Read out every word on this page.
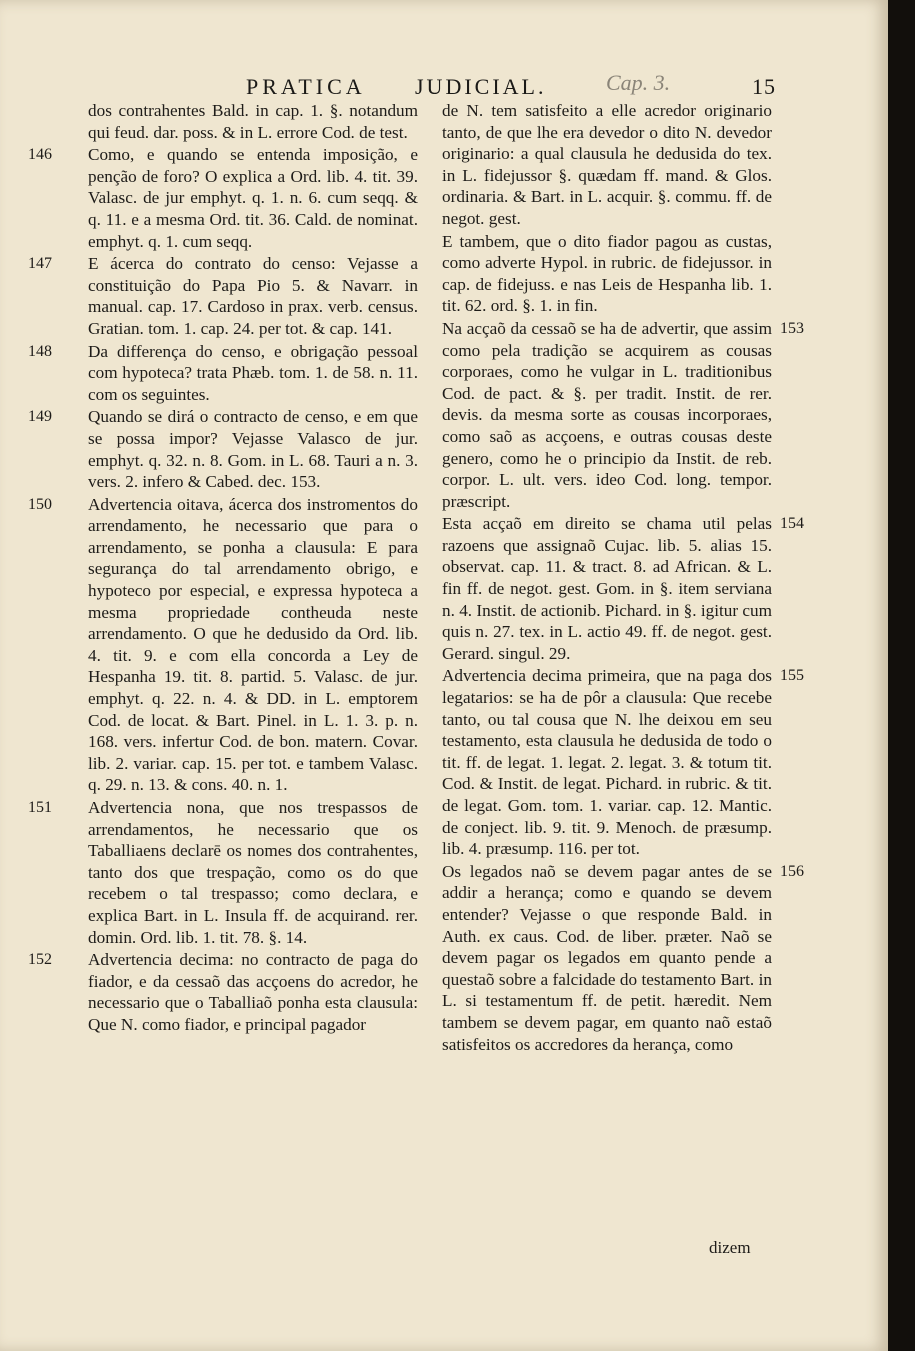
PRATICA JUDICIAL.	Cap. 3.	15
dos contrahentes Bald. in cap. 1. §. notandum qui feud. dar. poss. & in L. errore Cod. de test.
146 Como, e quando se entenda imposição, e penção de foro? O explica a Ord. lib. 4. tit. 39. Valasc. de jur emphyt. q. 1. n. 6. cum seqq. & q. 11. e a mesma Ord. tit. 36. Cald. de nominat. emphyt. q. 1. cum seqq.
147 E ácerca do contrato do censo: Vejasse a constituição do Papa Pio 5. & Navarr. in manual. cap. 17. Cardoso in prax. verb. census. Gratian. tom. 1. cap. 24. per tot. & cap. 141.
148 Da differença do censo, e obrigação pessoal com hypoteca? trata Phæb. tom. 1. de 58. n. 11. com os seguintes.
149 Quando se dirá o contracto de censo, e em que se possa impor? Vejasse Valasco de jur. emphyt. q. 32. n. 8. Gom. in L. 68. Tauri a n. 3. vers. 2. infero & Cabed. dec. 153.
150 Advertencia oitava, ácerca dos instromentos do arrendamento, he necessario que para o arrendamento, se ponha a clausula: E para segurança do tal arrendamento obrigo, e hypoteco por especial, e expressa hypoteca a mesma propriedade contheuda neste arrendamento. O que he dedusido da Ord. lib. 4. tit. 9. e com ella concorda a Ley de Hespanha 19. tit. 8. partid. 5. Valasc. de jur. emphyt. q. 22. n. 4. & DD. in L. emptorem Cod. de locat. & Bart. Pinel. in L. 1. 3. p. n. 168. vers. infertur Cod. de bon. matern. Covar. lib. 2. variar. cap. 15. per tot. e tambem Valasc. q. 29. n. 13. & cons. 40. n. 1.
151 Advertencia nona, que nos trespassos de arrendamentos, he necessario que os Taballiaens declarē os nomes dos contrahentes, tanto dos que trespação, como os do que recebem o tal trespasso; como declara, e explica Bart. in L. Insula ff. de acquirand. rer. domin. Ord. lib. 1. tit. 78. §. 14.
152 Advertencia decima: no contracto de paga do fiador, e da cessaõ das acçoens do acredor, he necessario que o Taballiaõ ponha esta clausula: Que N. como fiador, e principal pagador
de N. tem satisfeito a elle acredor originario tanto, de que lhe era devedor o dito N. devedor originario: a qual clausula he dedusida do tex. in L. fidejussor §. quædam ff. mand. & Glos. ordinaria. & Bart. in L. acquir. §. commu. ff. de negot. gest.
E tambem, que o dito fiador pagou as custas, como adverte Hypol. in rubric. de fidejussor. in cap. de fidejuss. e nas Leis de Hespanha lib. 1. tit. 62. ord. §. 1. in fin.
153
Na acçaõ da cessaõ se ha de advertir, que assim como pela tradição se acquirem as cousas corporaes, como he vulgar in L. traditionibus Cod. de pact. & §. per tradit. Instit. de rer. devis. da mesma sorte as cousas incorporaes, como saõ as acçoens, e outras cousas deste genero, como he o principio da Instit. de reb. corpor. L. ult. vers. ideo Cod. long. tempor. præscript.
154
Esta acçaõ em direito se chama util pelas razoens que assignaõ Cujac. lib. 5. alias 15. observat. cap. 11. & tract. 8. ad African. & L. fin ff. de negot. gest. Gom. in §. item serviana n. 4. Instit. de actionib. Pichard. in §. igitur cum quis n. 27. tex. in L. actio 49. ff. de negot. gest. Gerard. singul. 29.
155
Advertencia decima primeira, que na paga dos legatarios: se ha de pôr a clausula: Que recebe tanto, ou tal cousa que N. lhe deixou em seu testamento, esta clausula he dedusida de todo o tit. ff. de legat. 1. legat. 2. legat. 3. & totum tit. Cod. & Instit. de legat. Pichard. in rubric. & tit. de legat. Gom. tom. 1. variar. cap. 12. Mantic. de conject. lib. 9. tit. 9. Menoch. de præsump. lib. 4. præsump. 116. per tot.
156
Os legados naõ se devem pagar antes de se addir a herança; como e quando se devem entender? Vejasse o que responde Bald. in Auth. ex caus. Cod. de liber. præter. Naõ se devem pagar os legados em quanto pende a questaõ sobre a falcidade do testamento Bart. in L. si testamentum ff. de petit. hæredit. Nem tambem se devem pagar, em quanto naõ estaõ satisfeitos os accredores da herança, como
dizem
